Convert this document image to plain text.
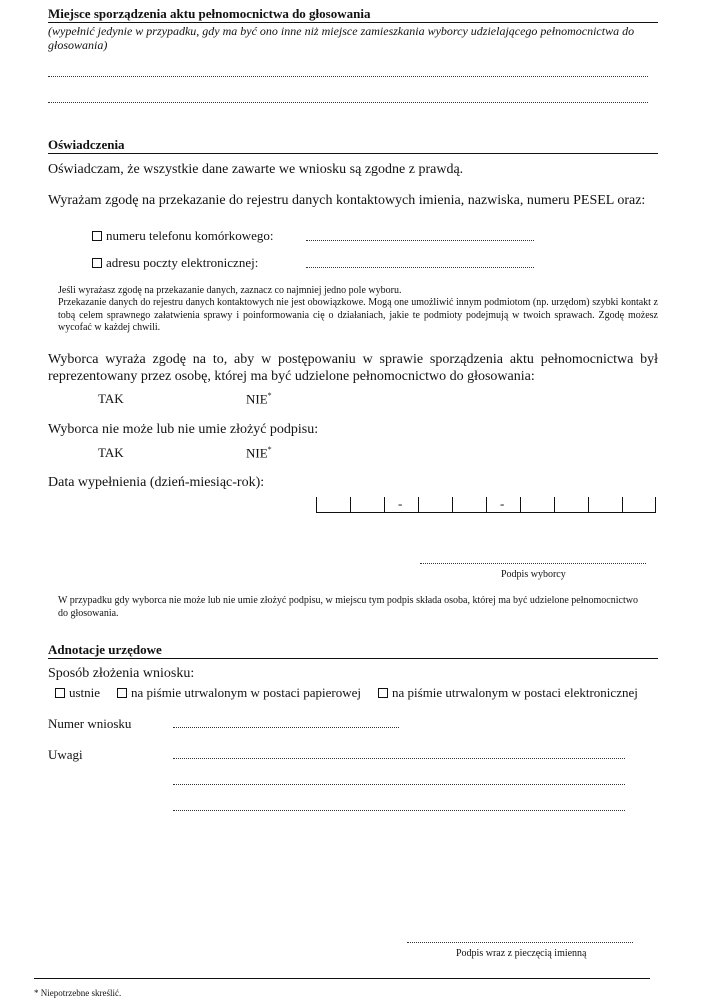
Miejsce sporządzenia aktu pełnomocnictwa do głosowania
(wypełnić jedynie w przypadku, gdy ma być ono inne niż miejsce zamieszkania wyborcy udzielającego pełnomocnictwa do głosowania)
Oświadczenia
Oświadczam, że wszystkie dane zawarte we wniosku są zgodne z prawdą.
Wyrażam zgodę na przekazanie do rejestru danych kontaktowych imienia, nazwiska, numeru PESEL oraz:
numeru telefonu komórkowego:
adresu poczty elektronicznej:
Jeśli wyrażasz zgodę na przekazanie danych, zaznacz co najmniej jedno pole wyboru.
Przekazanie danych do rejestru danych kontaktowych nie jest obowiązkowe. Mogą one umożliwić innym podmiotom (np. urzędom) szybki kontakt z tobą celem sprawnego załatwienia sprawy i poinformowania cię o działaniach, jakie te podmioty podejmują w twoich sprawach. Zgodę możesz wycofać w każdej chwili.
Wyborca wyraża zgodę na to, aby w postępowaniu w sprawie sporządzenia aktu pełnomocnictwa był reprezentowany przez osobę, której ma być udzielone pełnomocnictwo do głosowania:
TAK	NIE*
Wyborca nie może lub nie umie złożyć podpisu:
TAK	NIE*
Data wypełnienia (dzień-miesiąc-rok):
-	-
Podpis wyborcy
W przypadku gdy wyborca nie może lub nie umie złożyć podpisu, w miejscu tym podpis składa osoba, której ma być udzielone pełnomocnictwo do głosowania.
Adnotacje urzędowe
Sposób złożenia wniosku:
ustnie	na piśmie utrwalonym w postaci papierowej	na piśmie utrwalonym w postaci elektronicznej
Numer wniosku
Uwagi
Podpis wraz z pieczęcią imienną
* Niepotrzebne skreślić.
